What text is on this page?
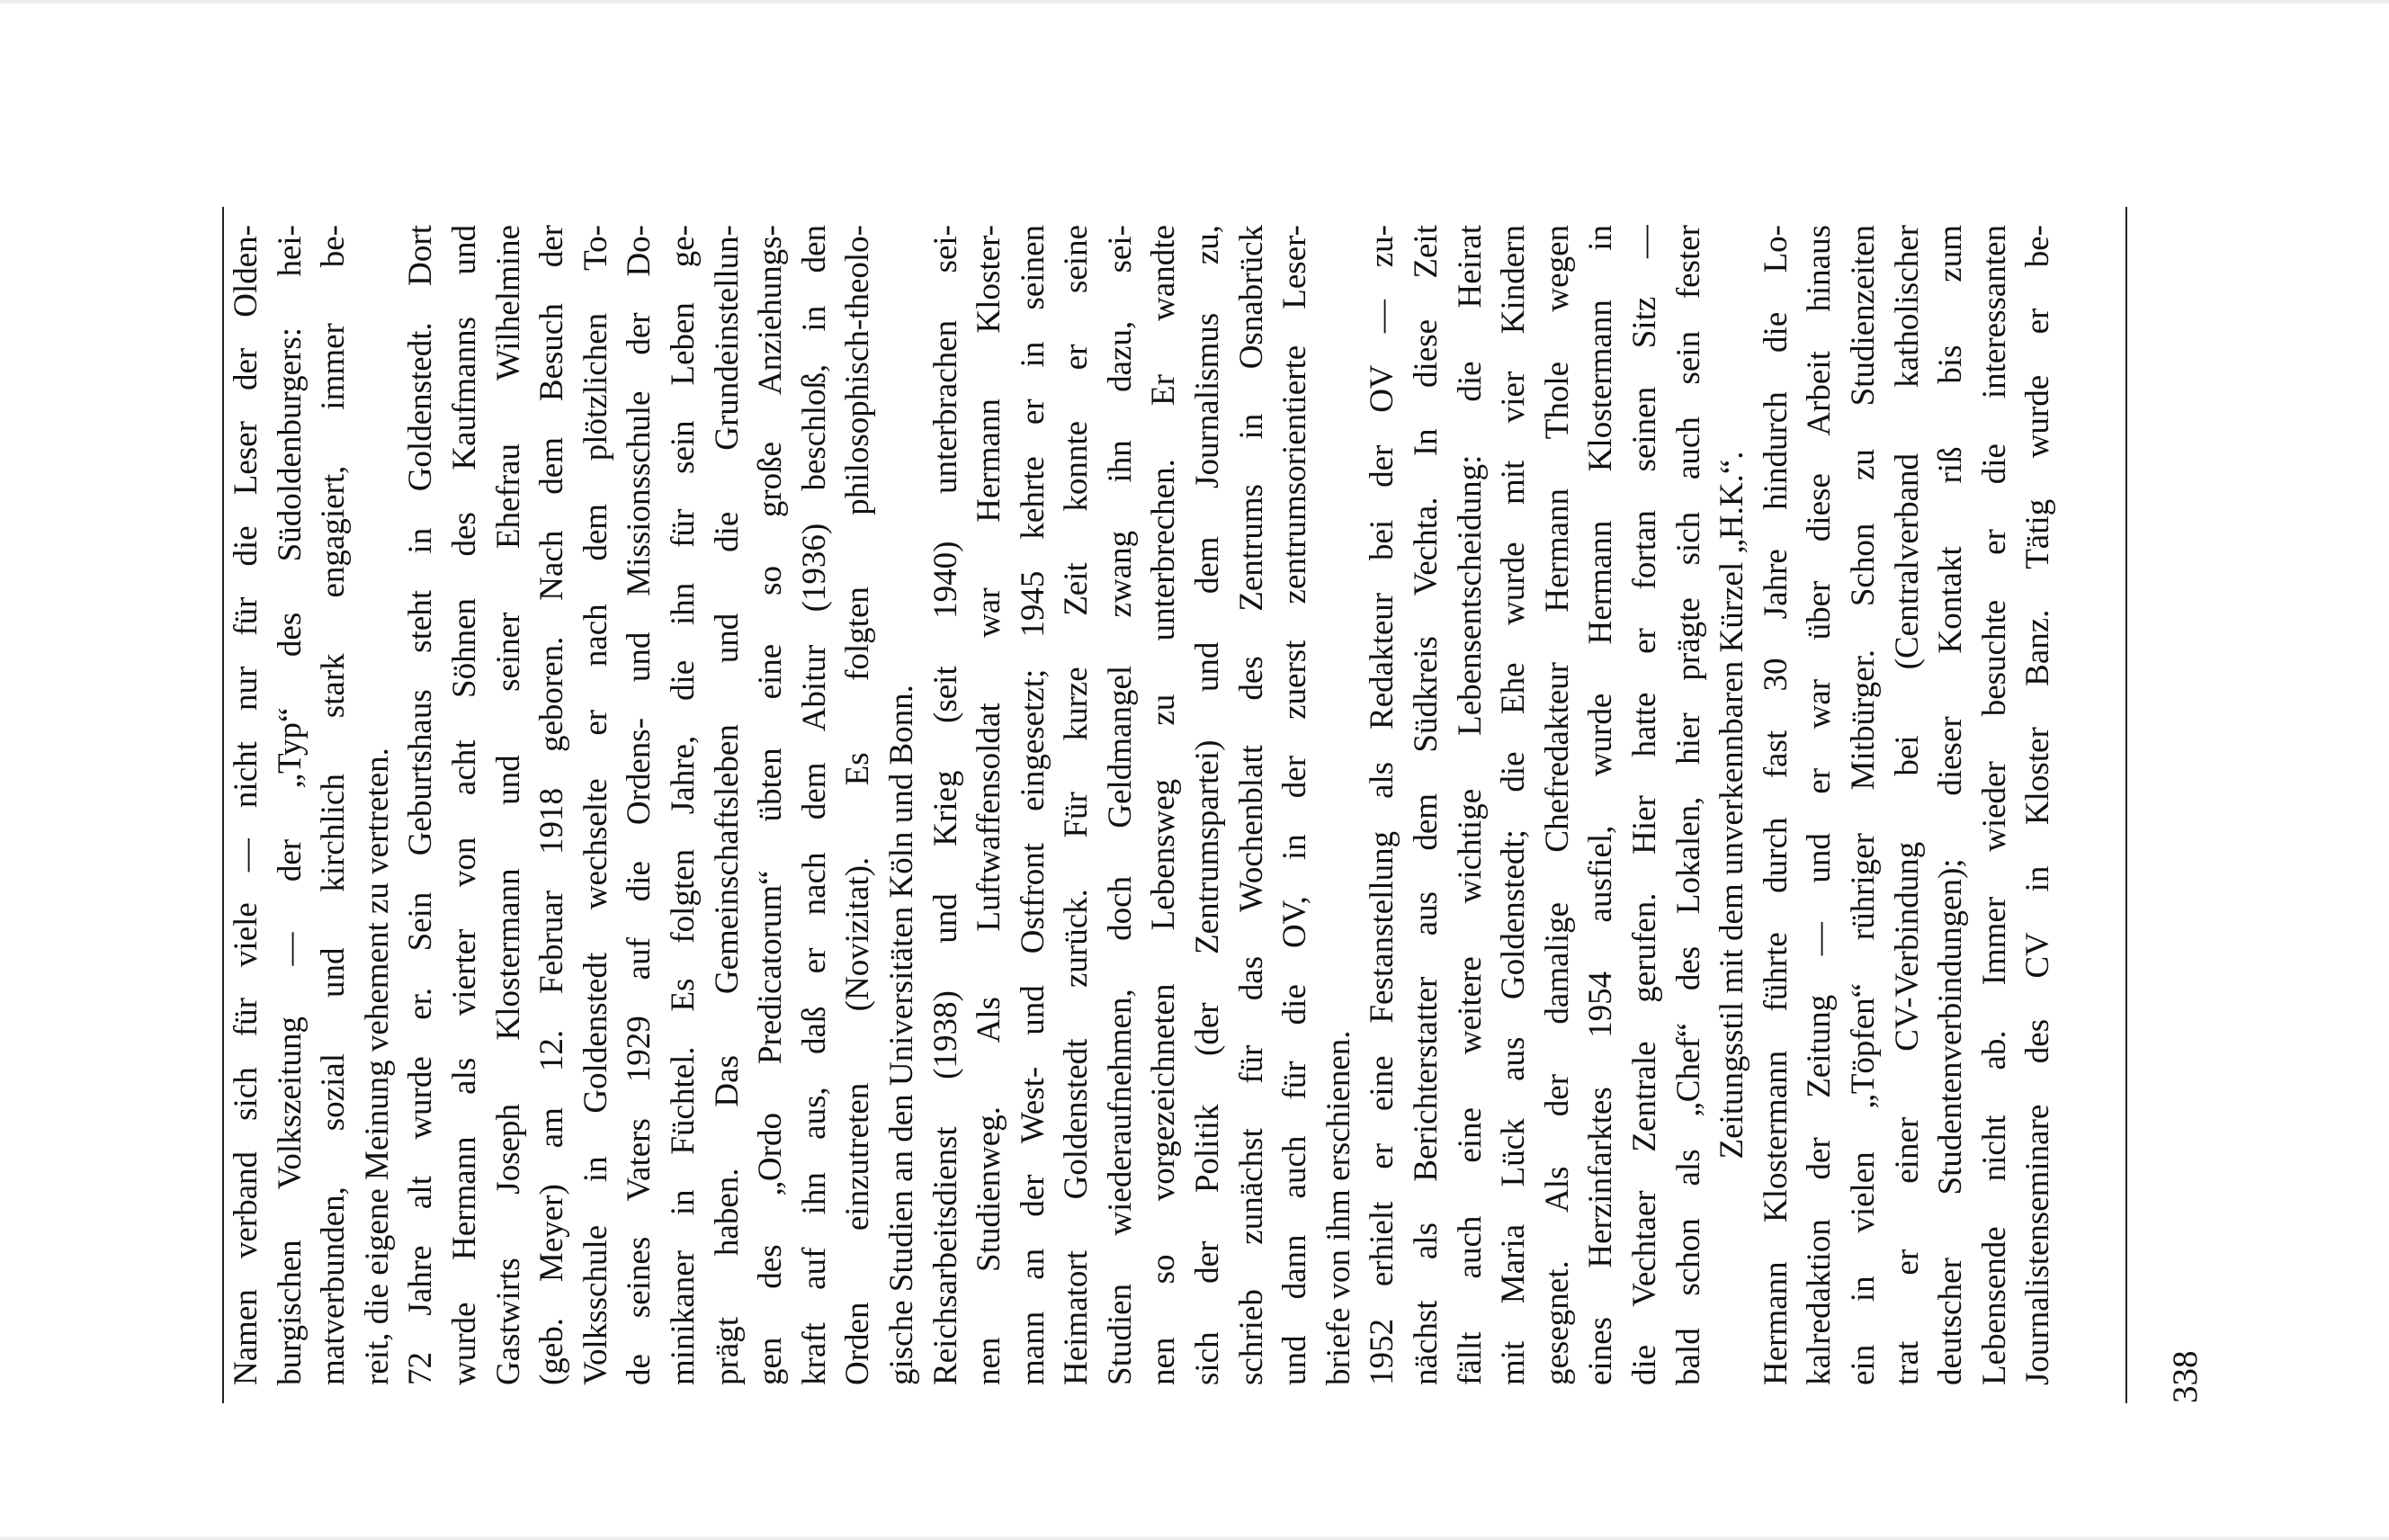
Namen verband sich für viele — nicht nur für die Leser der Olden- burgischen Volkszeitung — der „Typ“ des Südoldenburgers: hei- matverbunden, sozial und kirchlich stark engagiert, immer be- reit, die eigene Meinung vehement zu vertreten. 72 Jahre alt wurde er. Sein Geburtshaus steht in Goldenstedt. Dort wurde Hermann als vierter von acht Söhnen des Kaufmanns und Gastwirts Joseph Klostermann und seiner Ehefrau Wilhelmine (geb. Meyer) am 12. Februar 1918 geboren. Nach dem Besuch der Volksschule in Goldenstedt wechselte er nach dem plötzlichen To- de seines Vaters 1929 auf die Ordens- und Missionsschule der Do- minikaner in Füchtel. Es folgten Jahre, die ihn für sein Leben ge- prägt haben. Das Gemeinschaftsleben und die Grundeinstellun- gen des „Ordo Predicatorum“ übten eine so große Anziehungs- kraft auf ihn aus, daß er nach dem Abitur (1936) beschloß, in den Orden einzutreten (Novizitat). Es folgten philosophisch-theolo- gische Studien an den Universitäten Köln und Bonn. Reichsarbeitsdienst (1938) und Krieg (seit 1940) unterbrachen sei- nen Studienweg. Als Luftwaffensoldat war Hermann Kloster- mann an der West- und Ostfront eingesetzt; 1945 kehrte er in seinen Heimatort Goldenstedt zurück. Für kurze Zeit konnte er seine Studien wiederaufnehmen, doch Geldmangel zwang ihn dazu, sei- nen so vorgezeichneten Lebensweg zu unterbrechen. Er wandte sich der Politik (der Zentrumspartei) und dem Journalismus zu, schrieb zunächst für das Wochenblatt des Zentrums in Osnabrück und dann auch für die OV, in der zuerst zentrumsorientierte Leser- briefe von ihm erschienen. 1952 erhielt er eine Festanstellung als Redakteur bei der OV — zu- nächst als Berichterstatter aus dem Südkreis Vechta. In diese Zeit fällt auch eine weitere wichtige Lebensentscheidung: die Heirat mit Maria Lück aus Goldenstedt; die Ehe wurde mit vier Kindern gesegnet. Als der damalige Chefredakteur Hermann Thole wegen eines Herzinfarktes 1954 ausfiel, wurde Hermann Klostermann in die Vechtaer Zentrale gerufen. Hier hatte er fortan seinen Sitz — bald schon als „Chef“ des Lokalen, hier prägte sich auch sein fester Zeitungsstil mit dem unverkennbaren Kürzel „H.K.“. Hermann Klostermann führte durch fast 30 Jahre hindurch die Lo- kalredaktion der Zeitung — und er war über diese Arbeit hinaus ein in vielen „Töpfen“ rühriger Mitbürger. Schon zu Studienzeiten trat er einer CV-Verbindung bei (Centralverband katholischer deutscher Studentenverbindungen); dieser Kontakt riß bis zum Lebensende nicht ab. Immer wieder besuchte er die interessanten Journalistenseminare des CV in Kloster Banz. Tätig wurde er be-	338
